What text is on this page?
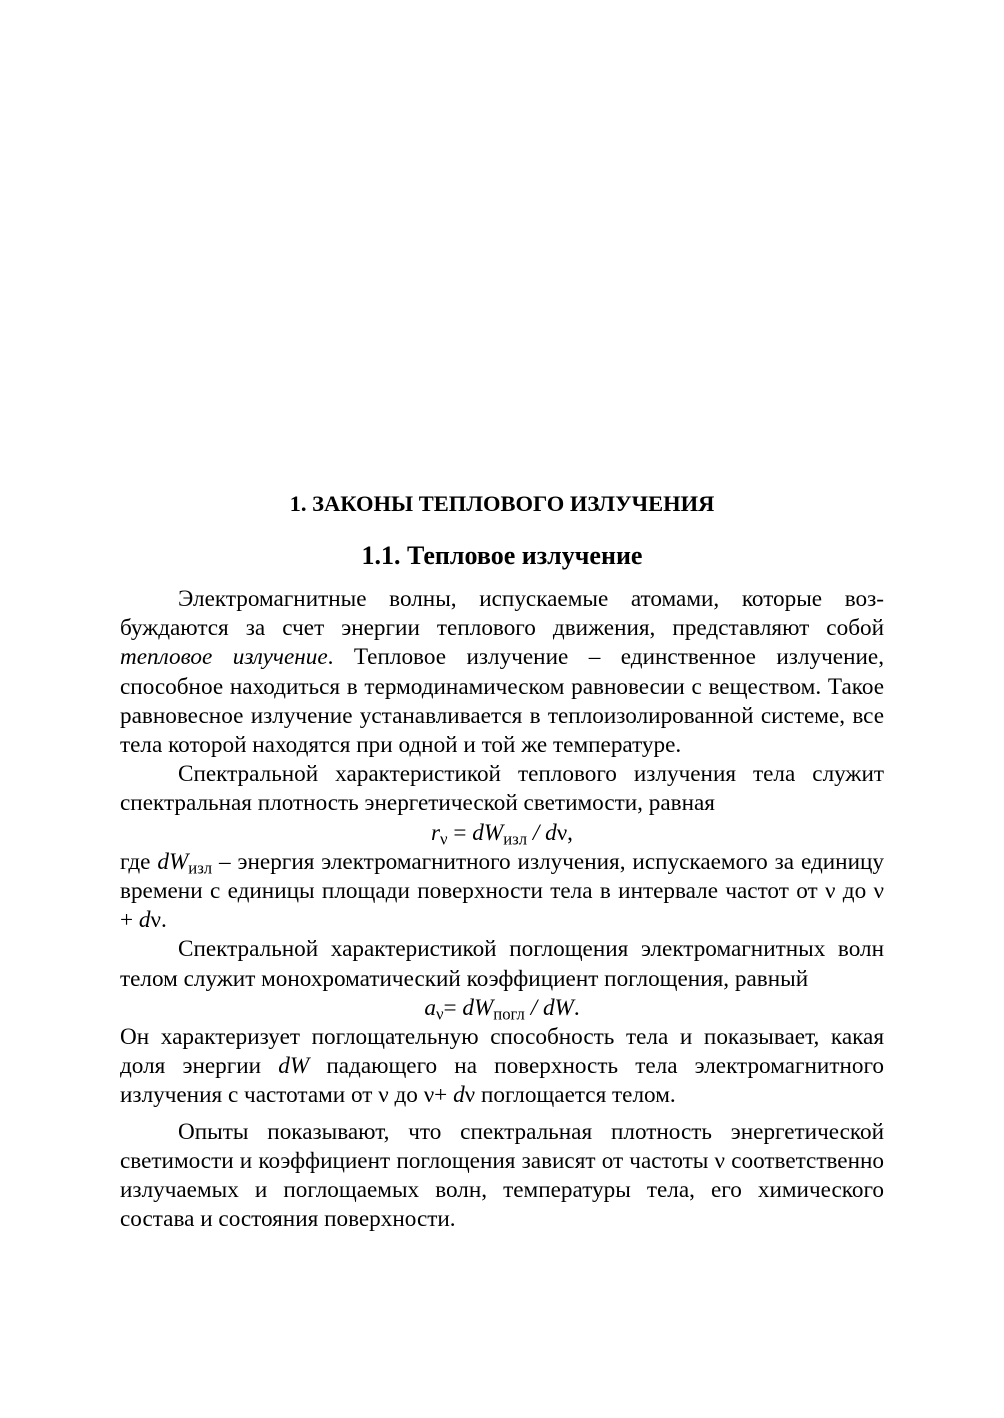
1. ЗАКОНЫ ТЕПЛОВОГО ИЗЛУЧЕНИЯ
1.1. Тепловое излучение

Электромагнитные волны, испускаемые атомами, которые возбуждаются за счет энергии теплового движения, представляют собой тепловое излучение. Тепловое излучение – единственное излучение, способное находиться в термодинамическом равновесии с веществом. Такое равновесное излучение устанавливается в теплоизолированной системе, все тела которой находятся при одной и той же температуре.

Спектральной характеристикой теплового излучения тела служит спектральная плотность энергетической светимости, равная

$r_\nu = dW_{изл} / d\nu$,

где $dW_{изл}$ – энергия электромагнитного излучения, испускаемого за единицу времени с единицы площади поверхности тела в интервале частот от ν до ν + dν.

Спектральной характеристикой поглощения электромагнитных волн телом служит монохроматический коэффициент поглощения, равный

$a_\nu= dW_{погл}$ / dW.

Он характеризует поглощательную способность тела и показывает, какая доля энергии dW падающего на поверхность тела электромагнитного излучения с частотами от ν до ν+ dν поглощается телом.

Опыты показывают, что спектральная плотность энергетической светимости и коэффициент поглощения зависят от частоты ν соответственно излучаемых и поглощаемых волн, температуры тела, его химического состава и состояния поверхности.
